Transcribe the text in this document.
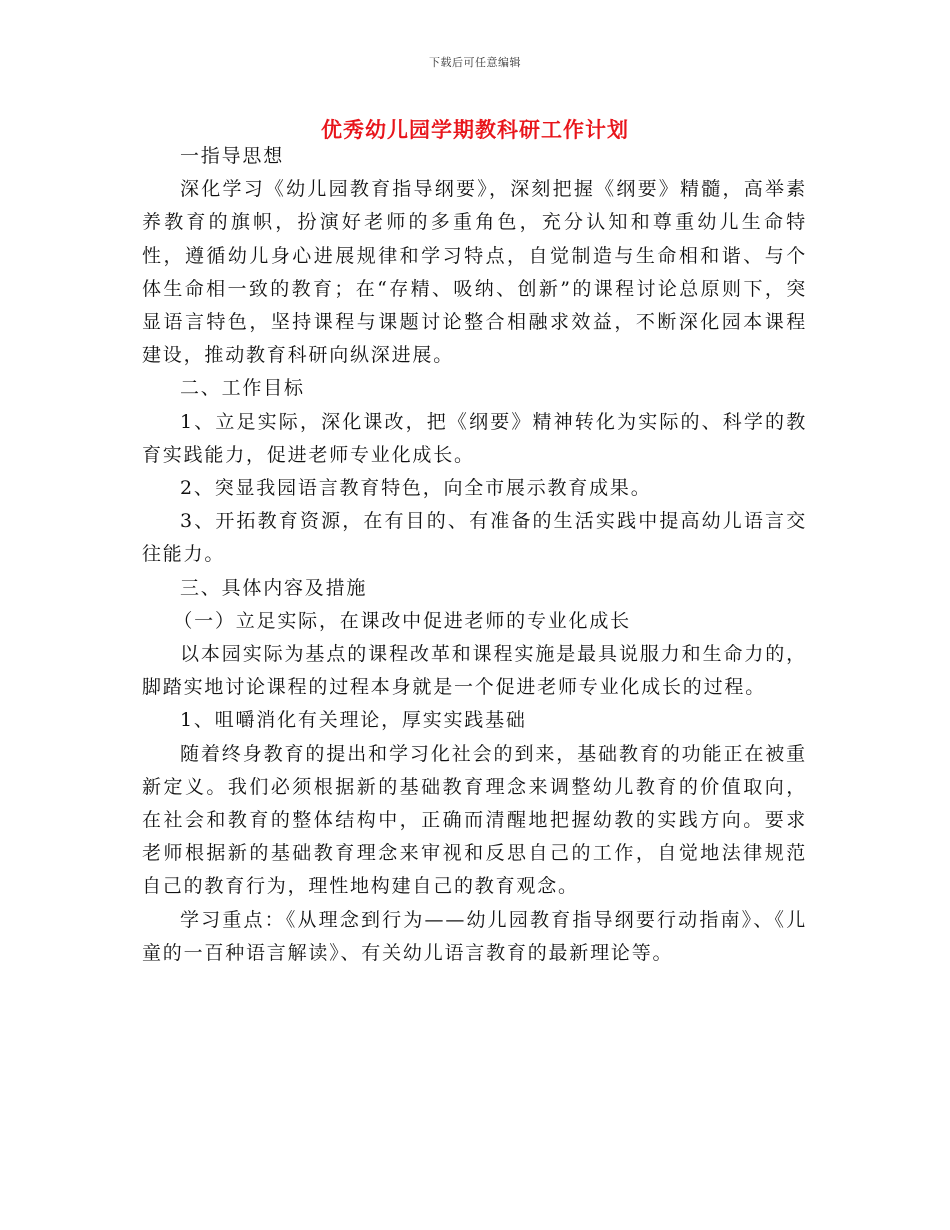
下载后可任意编辑
优秀幼儿园学期教科研工作计划

一指导思想

深化学习《幼儿园教育指导纲要》，深刻把握《纲要》精髓，高举素养教育的旗帜，扮演好老师的多重角色，充分认知和尊重幼儿生命特性，遵循幼儿身心进展规律和学习特点，自觉制造与生命相和谐、与个体生命相一致的教育；在“存精、吸纳、创新”的课程讨论总原则下，突显语言特色，坚持课程与课题讨论整合相融求效益，不断深化园本课程建设，推动教育科研向纵深进展。

二、工作目标

1、立足实际，深化课改，把《纲要》精神转化为实际的、科学的教育实践能力，促进老师专业化成长。

2、突显我园语言教育特色，向全市展示教育成果。

3、开拓教育资源，在有目的、有准备的生活实践中提高幼儿语言交往能力。

三、具体内容及措施

（一）立足实际，在课改中促进老师的专业化成长

以本园实际为基点的课程改革和课程实施是最具说服力和生命力的，脚踏实地讨论课程的过程本身就是一个促进老师专业化成长的过程。

1、咀嚼消化有关理论，厚实实践基础

随着终身教育的提出和学习化社会的到来，基础教育的功能正在被重新定义。我们必须根据新的基础教育理念来调整幼儿教育的价值取向，在社会和教育的整体结构中，正确而清醒地把握幼教的实践方向。要求老师根据新的基础教育理念来审视和反思自己的工作，自觉地法律规范自己的教育行为，理性地构建自己的教育观念。

学习重点：《从理念到行为——幼儿园教育指导纲要行动指南》、《儿童的一百种语言解读》、有关幼儿语言教育的最新理论等。
